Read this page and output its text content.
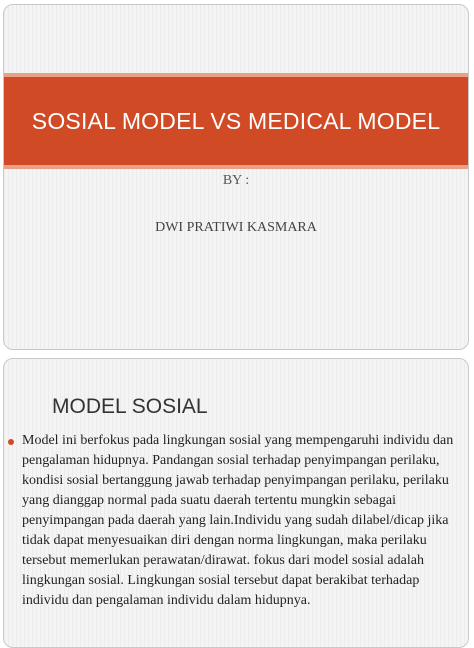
SOSIAL MODEL VS MEDICAL MODEL
BY :
DWI PRATIWI KASMARA
MODEL SOSIAL
Model ini berfokus pada lingkungan sosial yang mempengaruhi individu dan pengalaman hidupnya. Pandangan sosial terhadap penyimpangan perilaku, kondisi sosial bertanggung jawab terhadap penyimpangan perilaku, perilaku yang dianggap normal pada suatu daerah tertentu mungkin sebagai penyimpangan pada daerah yang lain.Individu yang sudah dilabel/dicap jika tidak dapat menyesuaikan diri dengan norma lingkungan, maka perilaku tersebut memerlukan perawatan/dirawat. fokus dari model sosial adalah lingkungan sosial. Lingkungan sosial tersebut dapat berakibat terhadap individu dan pengalaman individu dalam hidupnya.
